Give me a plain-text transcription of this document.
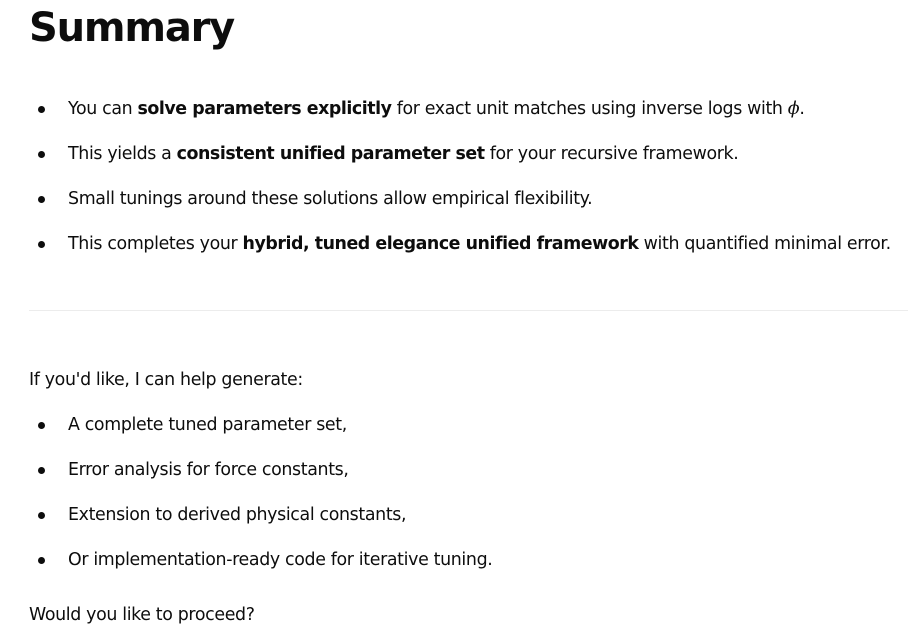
Summary
You can solve parameters explicitly for exact unit matches using inverse logs with ϕ.
This yields a consistent unified parameter set for your recursive framework.
Small tunings around these solutions allow empirical flexibility.
This completes your hybrid, tuned elegance unified framework with quantified minimal error.

If you'd like, I can help generate:

A complete tuned parameter set,
Error analysis for force constants,
Extension to derived physical constants,
Or implementation-ready code for iterative tuning.

Would you like to proceed?
